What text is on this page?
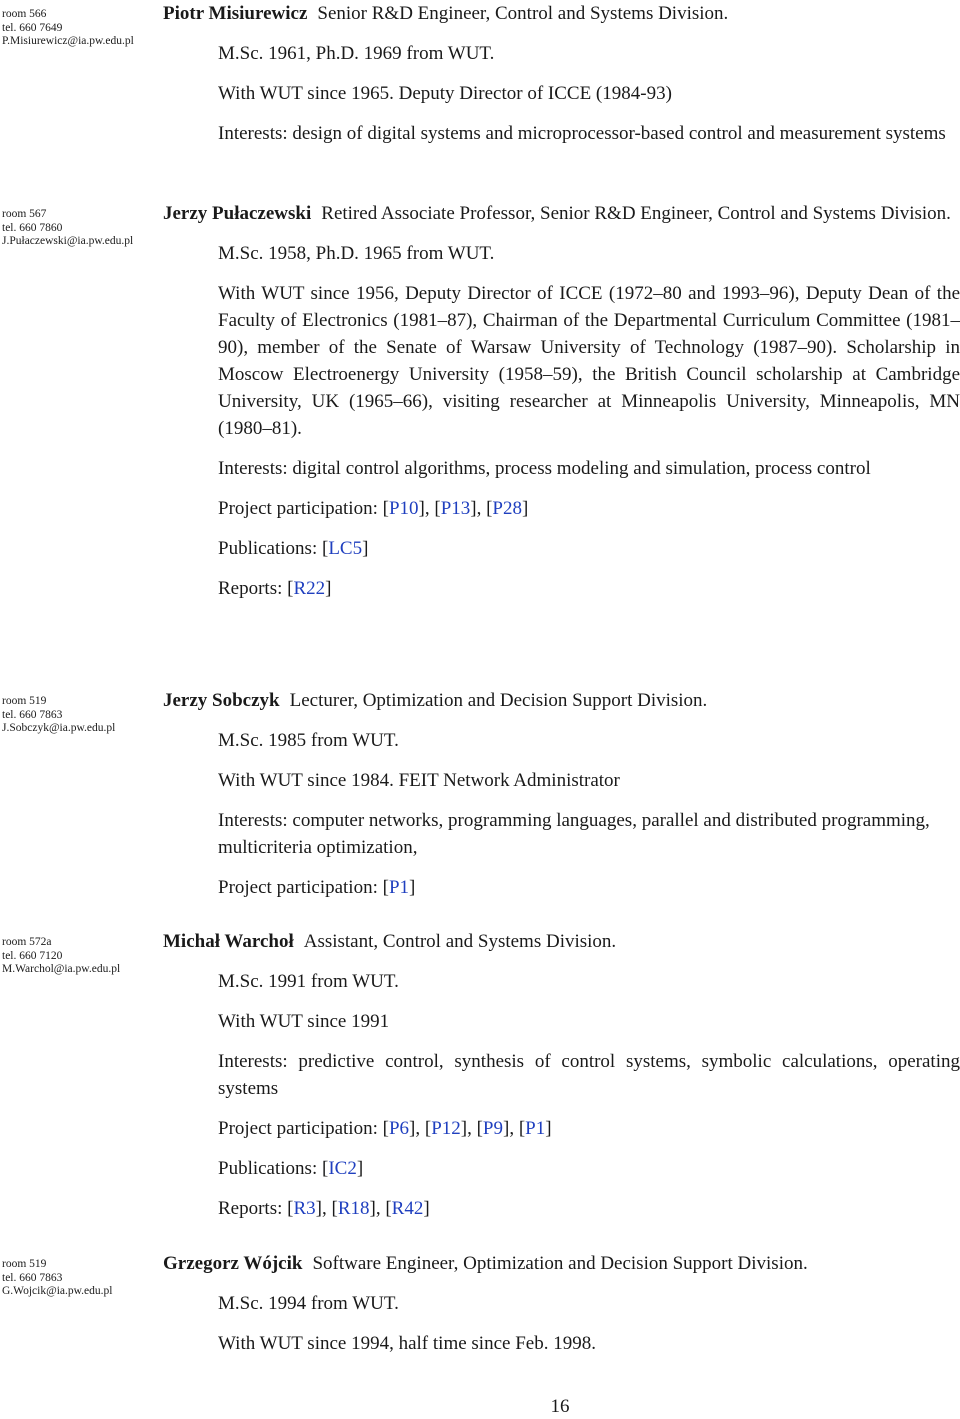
room 566
tel. 660 7649
P.Misiurewicz@ia.pw.edu.pl
Piotr Misiurewicz Senior R&D Engineer, Control and Systems Division.
M.Sc. 1961, Ph.D. 1969 from WUT.
With WUT since 1965. Deputy Director of ICCE (1984-93)
Interests: design of digital systems and microprocessor-based control and measurement systems
room 567
tel. 660 7860
J.Pułaczewski@ia.pw.edu.pl
Jerzy Pułaczewski Retired Associate Professor, Senior R&D Engineer, Control and Systems Division.
M.Sc. 1958, Ph.D. 1965 from WUT.
With WUT since 1956, Deputy Director of ICCE (1972–80 and 1993–96), Deputy Dean of the Faculty of Electronics (1981–87), Chairman of the Departmental Curriculum Committee (1981–90), member of the Senate of Warsaw University of Technology (1987–90). Scholarship in Moscow Electroenergy University (1958–59), the British Council scholarship at Cambridge University, UK (1965–66), visiting researcher at Minneapolis University, Minneapolis, MN (1980–81).
Interests: digital control algorithms, process modeling and simulation, process control
Project participation: [P10], [P13], [P28]
Publications: [LC5]
Reports: [R22]
room 519
tel. 660 7863
J.Sobczyk@ia.pw.edu.pl
Jerzy Sobczyk Lecturer, Optimization and Decision Support Division.
M.Sc. 1985 from WUT.
With WUT since 1984. FEIT Network Administrator
Interests: computer networks, programming languages, parallel and distributed programming, multicriteria optimization,
Project participation: [P1]
room 572a
tel. 660 7120
M.Warchol@ia.pw.edu.pl
Michał Warchoł Assistant, Control and Systems Division.
M.Sc. 1991 from WUT.
With WUT since 1991
Interests: predictive control, synthesis of control systems, symbolic calculations, operating systems
Project participation: [P6], [P12], [P9], [P1]
Publications: [IC2]
Reports: [R3], [R18], [R42]
room 519
tel. 660 7863
G.Wojcik@ia.pw.edu.pl
Grzegorz Wójcik Software Engineer, Optimization and Decision Support Division.
M.Sc. 1994 from WUT.
With WUT since 1994, half time since Feb. 1998.
16
